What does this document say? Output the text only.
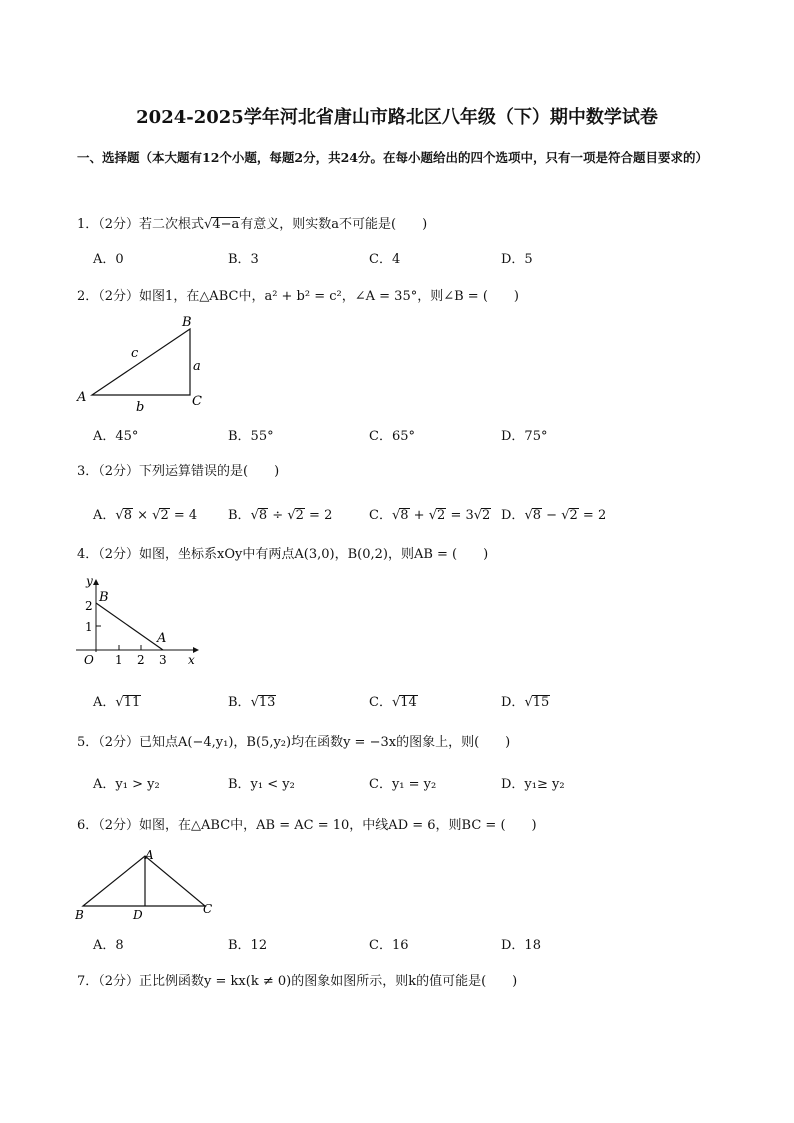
2024-2025学年河北省唐山市路北区八年级（下）期中数学试卷
一、选择题（本大题有12个小题，每题2分，共24分。在每小题给出的四个选项中，只有一项是符合题目要求的）
1．（2分）若二次根式√4−a有意义，则实数a不可能是(　　)
A．0	B．3	C．4	D．5
2．（2分）如图1，在△ABC中，a² + b² = c²，∠A = 35°，则∠B = (　　)
A
B
C
a
b
c
A．45°	B．55°	C．65°	D．75°
3．（2分）下列运算错误的是(　　)
A．√8 × √2 = 4 B．√8 ÷ √2 = 2	C．√8 + √2 = 3√2 D．√8 − √2 = 2
4．（2分）如图，坐标系xOy中有两点A(3,0)，B(0,2)，则AB = (　　)
y
x
O
B
A
2
1
1 2 3
A．√11	B．√13	C．√14	D．√15
5．（2分）已知点A(−4,y₁)，B(5,y₂)均在函数y = −3x的图象上，则(　　)
A．y₁ > y₂	B．y₁ < y₂	C．y₁ = y₂	D．y₁≥ y₂
6．（2分）如图，在△ABC中，AB = AC = 10，中线AD = 6，则BC = (　　)
A
B	C
D
A．8	B．12	C．16	D．18
7．（2分）正比例函数y = kx(k ≠ 0)的图象如图所示，则k的值可能是(　　)
